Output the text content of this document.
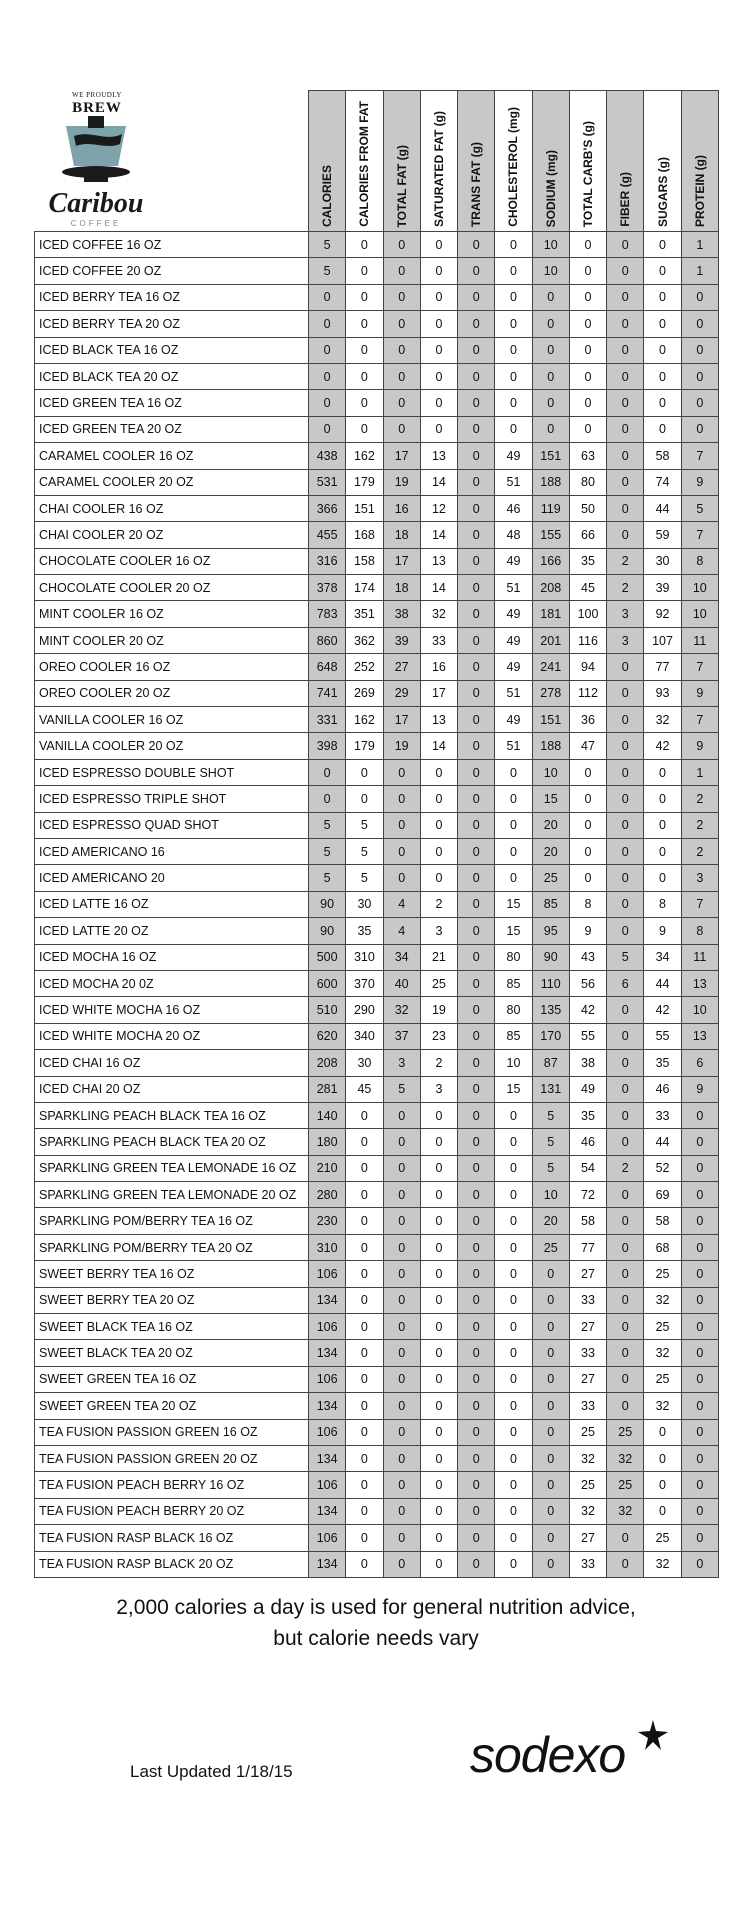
WE PROUDLY
BREW
Caribou
COFFEE

	CALORIES	CALORIES FROM FAT	TOTAL FAT (g)	SATURATED FAT (g)	TRANS FAT (g)	CHOLESTEROL (mg)	SODIUM (mg)	TOTAL CARB'S (g)	FIBER (g)	SUGARS (g)	PROTEIN (g)

ICED COFFEE 16 OZ	5	0	0	0	0	0	10	0	0	0	1
ICED COFFEE 20 OZ	5	0	0	0	0	0	10	0	0	0	1
ICED BERRY TEA 16 OZ	0	0	0	0	0	0	0	0	0	0	0
ICED BERRY TEA 20 OZ	0	0	0	0	0	0	0	0	0	0	0
ICED BLACK TEA 16 OZ	0	0	0	0	0	0	0	0	0	0	0
ICED BLACK TEA 20 OZ	0	0	0	0	0	0	0	0	0	0	0
ICED GREEN TEA 16 OZ	0	0	0	0	0	0	0	0	0	0	0
ICED GREEN TEA 20 OZ	0	0	0	0	0	0	0	0	0	0	0
CARAMEL COOLER 16 OZ	438	162	17	13	0	49	151	63	0	58	7
CARAMEL COOLER 20 OZ	531	179	19	14	0	51	188	80	0	74	9
CHAI COOLER 16 OZ	366	151	16	12	0	46	119	50	0	44	5
CHAI COOLER 20 OZ	455	168	18	14	0	48	155	66	0	59	7
CHOCOLATE COOLER 16 OZ	316	158	17	13	0	49	166	35	2	30	8
CHOCOLATE COOLER 20 OZ	378	174	18	14	0	51	208	45	2	39	10
MINT COOLER 16 OZ	783	351	38	32	0	49	181	100	3	92	10
MINT COOLER 20 OZ	860	362	39	33	0	49	201	116	3	107	11
OREO COOLER 16 OZ	648	252	27	16	0	49	241	94	0	77	7
OREO COOLER 20 OZ	741	269	29	17	0	51	278	112	0	93	9
VANILLA COOLER 16 OZ	331	162	17	13	0	49	151	36	0	32	7
VANILLA COOLER 20 OZ	398	179	19	14	0	51	188	47	0	42	9
ICED ESPRESSO DOUBLE SHOT	0	0	0	0	0	0	10	0	0	0	1
ICED ESPRESSO TRIPLE SHOT	0	0	0	0	0	0	15	0	0	0	2
ICED ESPRESSO QUAD SHOT	5	5	0	0	0	0	20	0	0	0	2
ICED AMERICANO 16	5	5	0	0	0	0	20	0	0	0	2
ICED AMERICANO 20	5	5	0	0	0	0	25	0	0	0	3
ICED LATTE 16 OZ	90	30	4	2	0	15	85	8	0	8	7
ICED LATTE 20 OZ	90	35	4	3	0	15	95	9	0	9	8
ICED MOCHA 16 OZ	500	310	34	21	0	80	90	43	5	34	11
ICED MOCHA 20 0Z	600	370	40	25	0	85	110	56	6	44	13
ICED WHITE MOCHA 16 OZ	510	290	32	19	0	80	135	42	0	42	10
ICED WHITE MOCHA 20 OZ	620	340	37	23	0	85	170	55	0	55	13
ICED CHAI 16 OZ	208	30	3	2	0	10	87	38	0	35	6
ICED CHAI 20 OZ	281	45	5	3	0	15	131	49	0	46	9
SPARKLING PEACH BLACK TEA 16 OZ	140	0	0	0	0	0	5	35	0	33	0
SPARKLING PEACH BLACK TEA 20 OZ	180	0	0	0	0	0	5	46	0	44	0
SPARKLING GREEN TEA LEMONADE 16 OZ	210	0	0	0	0	0	5	54	2	52	0
SPARKLING GREEN TEA LEMONADE 20 OZ	280	0	0	0	0	0	10	72	0	69	0
SPARKLING POM/BERRY TEA 16 OZ	230	0	0	0	0	0	20	58	0	58	0
SPARKLING POM/BERRY TEA 20 OZ	310	0	0	0	0	0	25	77	0	68	0
SWEET BERRY TEA 16 OZ	106	0	0	0	0	0	0	27	0	25	0
SWEET BERRY TEA 20 OZ	134	0	0	0	0	0	0	33	0	32	0
SWEET BLACK TEA 16 OZ	106	0	0	0	0	0	0	27	0	25	0
SWEET BLACK TEA 20 OZ	134	0	0	0	0	0	0	33	0	32	0
SWEET GREEN TEA 16 OZ	106	0	0	0	0	0	0	27	0	25	0
SWEET GREEN TEA 20 OZ	134	0	0	0	0	0	0	33	0	32	0
TEA FUSION PASSION GREEN 16 OZ	106	0	0	0	0	0	0	25	25	0	0
TEA FUSION PASSION GREEN 20 OZ	134	0	0	0	0	0	0	32	32	0	0
TEA FUSION PEACH BERRY 16 OZ	106	0	0	0	0	0	0	25	25	0	0
TEA FUSION PEACH BERRY 20 OZ	134	0	0	0	0	0	0	32	32	0	0
TEA FUSION RASP BLACK 16 OZ	106	0	0	0	0	0	0	27	0	25	0
TEA FUSION RASP BLACK 20 OZ	134	0	0	0	0	0	0	33	0	32	0
2,000 calories a day is used for general nutrition advice,
but calorie needs vary
Last Updated 1/18/15	sodexo
